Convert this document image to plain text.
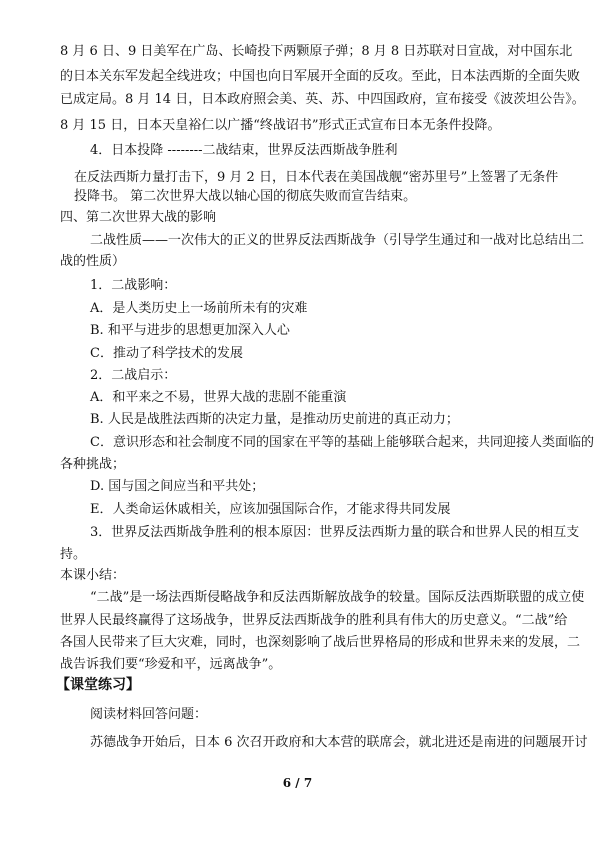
8 月 6 日、9 日美军在广岛、长崎投下两颗原子弹；8 月 8 日苏联对日宣战，对中国东北
的日本关东军发起全线进攻；中国也向日军展开全面的反攻。至此，日本法西斯的全面失败
已成定局。8 月 14 日，日本政府照会美、英、苏、中四国政府，宣布接受《波茨坦公告》。
8 月 15 日，日本天皇裕仁以广播“终战诏书”形式正式宣布日本无条件投降。
4．日本投降 --------二战结束，世界反法西斯战争胜利
在反法西斯力量打击下，9 月 2 日，日本代表在美国战舰“密苏里号”上签署了无条件
投降书。 第二次世界大战以轴心国的彻底失败而宣告结束。
四、第二次世界大战的影响
二战性质——一次伟大的正义的世界反法西斯战争（引导学生通过和一战对比总结出二
战的性质）
1．二战影响：
A．是人类历史上一场前所未有的灾难
B. 和平与进步的思想更加深入人心
C．推动了科学技术的发展
2．二战启示：
A．和平来之不易，世界大战的悲剧不能重演
B. 人民是战胜法西斯的决定力量，是推动历史前进的真正动力；
C．意识形态和社会制度不同的国家在平等的基础上能够联合起来，共同迎接人类面临的
各种挑战；
D. 国与国之间应当和平共处；
E．人类命运休戚相关，应该加强国际合作，才能求得共同发展
3．世界反法西斯战争胜利的根本原因：世界反法西斯力量的联合和世界人民的相互支
持。
本课小结：
“二战”是一场法西斯侵略战争和反法西斯解放战争的较量。国际反法西斯联盟的成立使
世界人民最终赢得了这场战争，世界反法西斯战争的胜利具有伟大的历史意义。“二战”给
各国人民带来了巨大灾难，同时，也深刻影响了战后世界格局的形成和世界未来的发展，二
战告诉我们要“珍爱和平，远离战争”。
6 / 7
【课堂练习】
阅读材料回答问题：
苏德战争开始后，日本 6 次召开政府和大本营的联席会，就北进还是南进的问题展开讨
